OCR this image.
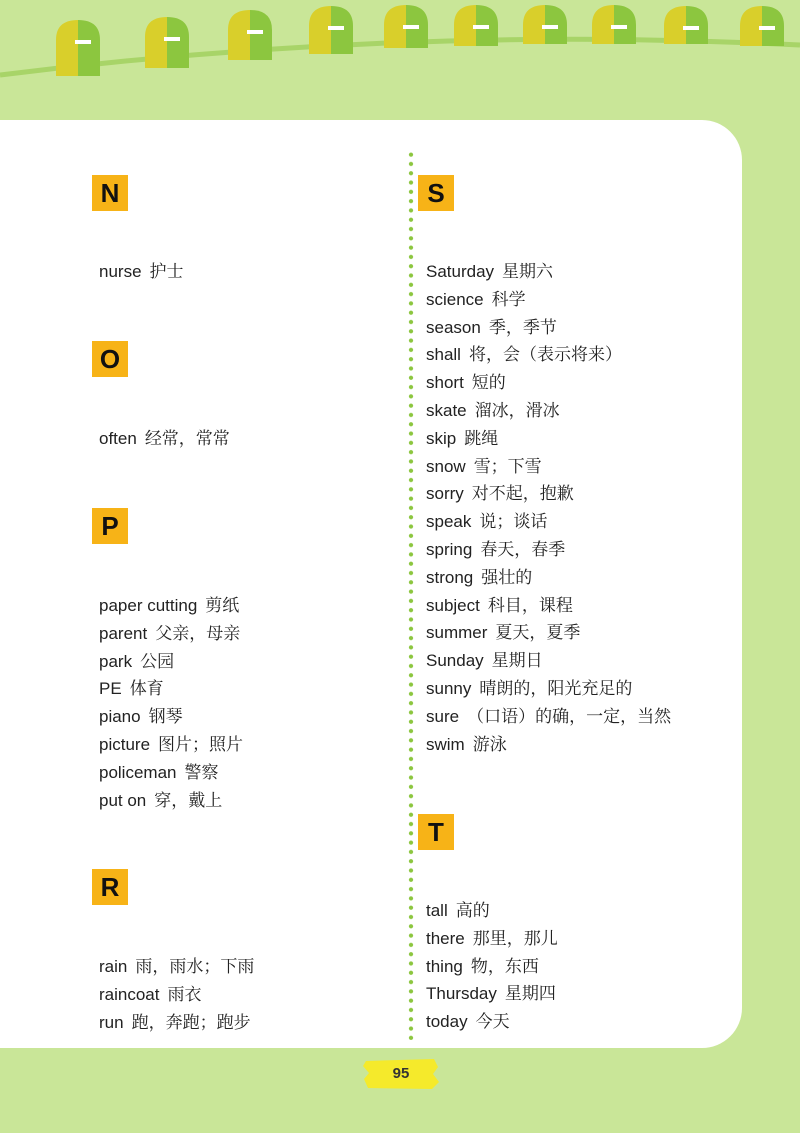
N
nurse 护士
O
often 经常，常常
P
paper cutting 剪纸
parent 父亲，母亲
park 公园
PE 体育
piano 钢琴
picture 图片；照片
policeman 警察
put on 穿，戴上
R
rain 雨，雨水；下雨
raincoat 雨衣
run 跑，奔跑；跑步
S
Saturday 星期六
science 科学
season 季，季节
shall 将，会（表示将来）
short 短的
skate 溜冰，滑冰
skip 跳绳
snow 雪；下雪
sorry 对不起，抱歉
speak 说；谈话
spring 春天，春季
strong 强壮的
subject 科目，课程
summer 夏天，夏季
Sunday 星期日
sunny 晴朗的，阳光充足的
sure （口语）的确，一定，当然
swim 游泳
T
tall 高的
there 那里，那儿
thing 物，东西
Thursday 星期四
today 今天
95
